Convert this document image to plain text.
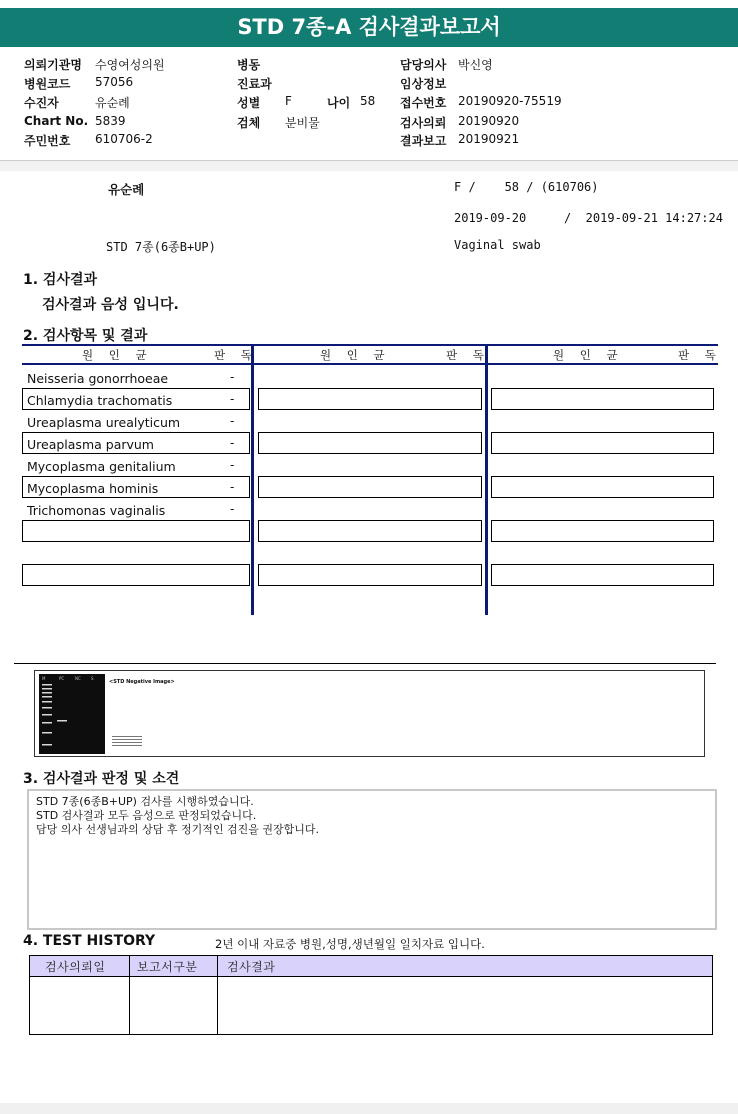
STD 7종-A 검사결과보고서
의뢰기관명 수영여성의원
병원코드 57056
수진자	유순례
Chart No. 5839
주민번호 610706-2
병동
진료과
성별 F	나이 58
검체 분비물
담당의사 박신영
임상정보
접수번호 20190920-75519
검사의뢰 20190920
결과보고 20190921
유순례	F /    58 / (610706)
2019-09-20	/  2019-09-21 14:27:24
STD 7종(6종B+UP)	Vaginal swab
1. 검사결과
검사결과 음성 입니다.
2. 검사항목 및 결과
원 인 균	판 독	원 인 균	판 독	원 인 균	판 독
Neisseria gonorrhoeae	-
Chlamydia trachomatis	-
Ureaplasma urealyticum	-
Ureaplasma parvum	-
Mycoplasma genitalium	-
Mycoplasma hominis	-
Trichomonas vaginalis	-
M	PC	NC	S
<STD Negative Image>
3. 검사결과 판정 및 소견
STD 7종(6종B+UP) 검사를 시행하였습니다.
STD 검사결과 모두 음성으로 판정되었습니다.
담당 의사 선생님과의 상담 후 정기적인 검진을 권장합니다.
4. TEST HISTORY	2년 이내 자료중 병원,성명,생년월일 일치자료 입니다.
검사의뢰일	보고서구분 검사결과
